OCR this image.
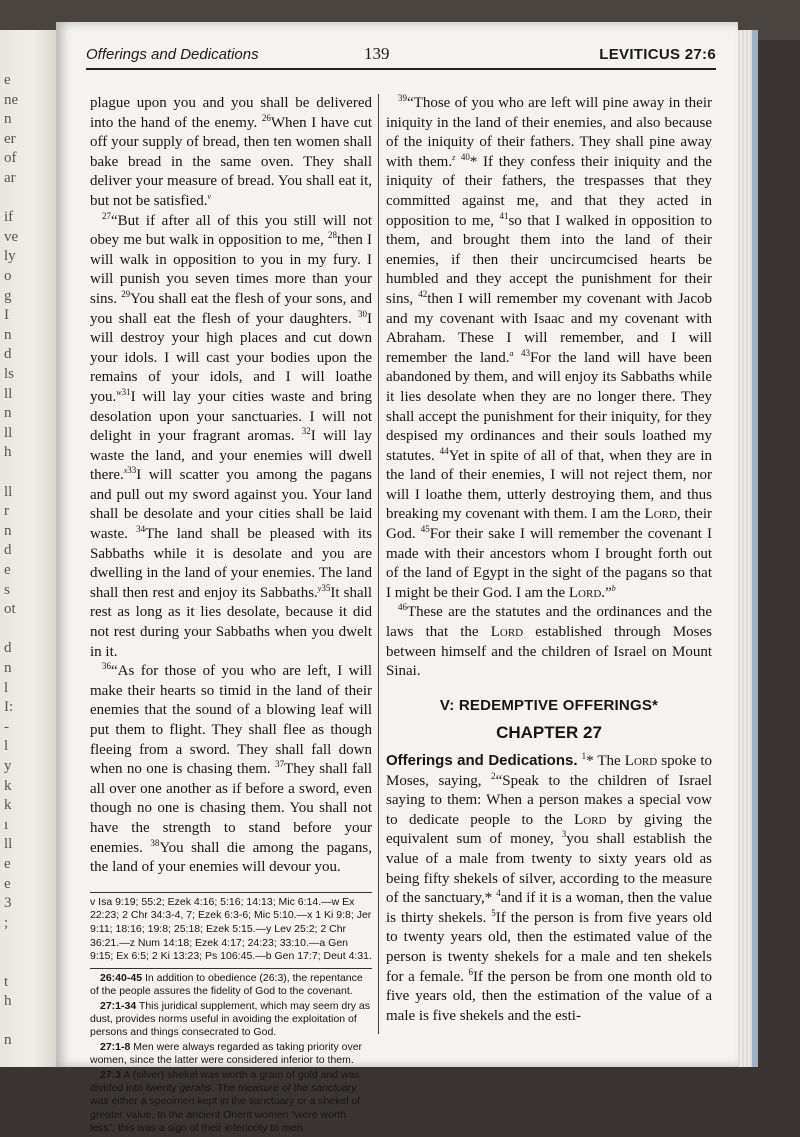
e
ne
n
er
of
ar
if
ve
ly
o
g
I
n
d
ls
ll
n
ll
h
ll
r
n
d
e
s
ot
d
n
l
I:
-
l
y
k
k
ı
ll
e
e
3
;
t
h
n
Offerings and Dedications	139	LEVITICUS 27:6

plague upon you and you shall be delivered into the hand of the enemy. $^{26}$When I have cut off your supply of bread, then ten women shall bake bread in the same oven. They shall deliver your measure of bread. You shall eat it, but not be satisfied.$^v$

$^{27}$“But if after all of this you still will not obey me but walk in opposition to me, $^{28}$then I will walk in opposition to you in my fury. I will punish you seven times more than your sins. $^{29}$You shall eat the flesh of your sons, and you shall eat the flesh of your daughters. $^{30}$I will destroy your high places and cut down your idols. I will cast your bodies upon the remains of your idols, and I will loathe you.$^{w31}$I will lay your cities waste and bring desolation upon your sanctuaries. I will not delight in your fragrant aromas. $^{32}$I will lay waste the land, and your enemies will dwell there.$^{x33}$I will scatter you among the pagans and pull out my sword against you. Your land shall be desolate and your cities shall be laid waste. $^{34}$The land shall be pleased with its Sabbaths while it is desolate and you are dwelling in the land of your enemies. The land shall then rest and enjoy its Sabbaths.$^{y35}$It shall rest as long as it lies desolate, because it did not rest during your Sabbaths when you dwelt in it.

$^{36}$“As for those of you who are left, I will make their hearts so timid in the land of their enemies that the sound of a blowing leaf will put them to flight. They shall flee as though fleeing from a sword. They shall fall down when no one is chasing them. $^{37}$They shall fall all over one another as if before a sword, even though no one is chasing them. You shall not have the strength to stand before your enemies. $^{38}$You shall die among the pagans, the land of your enemies will devour you.

v Isa 9:19; 55:2; Ezek 4:16; 5:16; 14:13; Mic 6:14.—w Ex 22:23; 2 Chr 34:3-4, 7; Ezek 6:3-6; Mic 5:10.—x 1 Ki 9:8; Jer 9:11; 18:16; 19:8; 25:18; Ezek 5:15.—y Lev 25:2; 2 Chr 36:21.—z Num 14:18; Ezek 4:17; 24:23; 33:10.—a Gen 9:15; Ex 6:5; 2 Ki 13:23; Ps 106:45.—b Gen 17:7; Deut 4:31.

26:40-45 In addition to obedience (26:3), the repentance of the people assures the fidelity of God to the covenant.

27:1-34 This juridical supplement, which may seem dry as dust, provides norms useful in avoiding the exploitation of persons and things consecrated to God.

27:1-8 Men were always regarded as taking priority over women, since the latter were considered inferior to them.

27:3 A (silver) shekel was worth a gram of gold and was divided into twenty gerahs. The measure of the sanctuary was either a specimen kept in the sanctuary or a shekel of greater value. In the ancient Orient women “were worth less”; this was a sign of their inferiority to men.

$^{39}$“Those of you who are left will pine away in their iniquity in the land of their enemies, and also because of the iniquity of their fathers. They shall pine away with them.$^z$ $^{40}$* If they confess their iniquity and the iniquity of their fathers, the trespasses that they committed against me, and that they acted in opposition to me, $^{41}$so that I walked in opposition to them, and brought them into the land of their enemies, if then their uncircumcised hearts be humbled and they accept the punishment for their sins, $^{42}$then I will remember my covenant with Jacob and my covenant with Isaac and my covenant with Abraham. These I will remember, and I will remember the land.$^a$ $^{43}$For the land will have been abandoned by them, and will enjoy its Sabbaths while it lies desolate when they are no longer there. They shall accept the punishment for their iniquity, for they despised my ordinances and their souls loathed my statutes. $^{44}$Yet in spite of all of that, when they are in the land of their enemies, I will not reject them, nor will I loathe them, utterly destroying them, and thus breaking my covenant with them. I am the Lord, their God. $^{45}$For their sake I will remember the covenant I made with their ancestors whom I brought forth out of the land of Egypt in the sight of the pagans so that I might be their God. I am the Lord.”$^b$

$^{46}$These are the statutes and the ordinances and the laws that the Lord established through Moses between himself and the children of Israel on Mount Sinai.

V: REDEMPTIVE OFFERINGS*
CHAPTER 27

Offerings and Dedications. $^1$* The Lord spoke to Moses, saying, $^2$“Speak to the children of Israel saying to them: When a person makes a special vow to dedicate people to the Lord by giving the equivalent sum of money, $^3$you shall establish the value of a male from twenty to sixty years old as being fifty shekels of silver, according to the measure of the sanctuary,* $^4$and if it is a woman, then the value is thirty shekels. $^5$If the person is from five years old to twenty years old, then the estimated value of the person is twenty shekels for a male and ten shekels for a female. $^6$If the person be from one month old to five years old, then the estimation of the value of a male is five shekels and the esti-
